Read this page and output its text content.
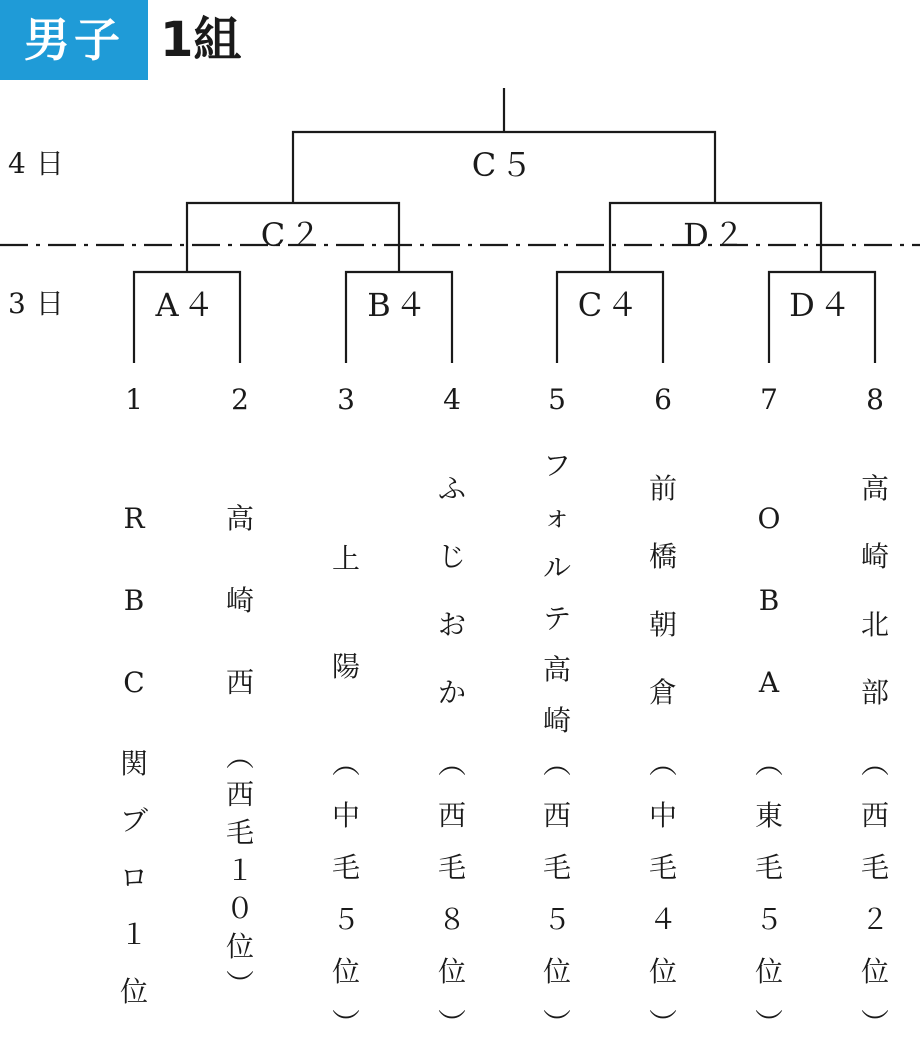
男子 1組
4日
3日
C５
C２	D２
A４	B４	C４	D４
1
R
B
C
関
ブ
ロ
１
位
2
高
崎
西
︵
西
毛
１
０
位
︶
3
上
陽
︵
中
毛
５
位
︶
4
ふ
じ
お
か
︵
西
毛
８
位
︶
5
フ
ォ
ル
テ
高
崎
︵
西
毛
５
位
︶
6
前
橋
朝
倉
︵
中
毛
４
位
︶
7
O
B
A
︵
東
毛
５
位
︶
8
高
崎
北
部
︵
西
毛
２
位
︶
